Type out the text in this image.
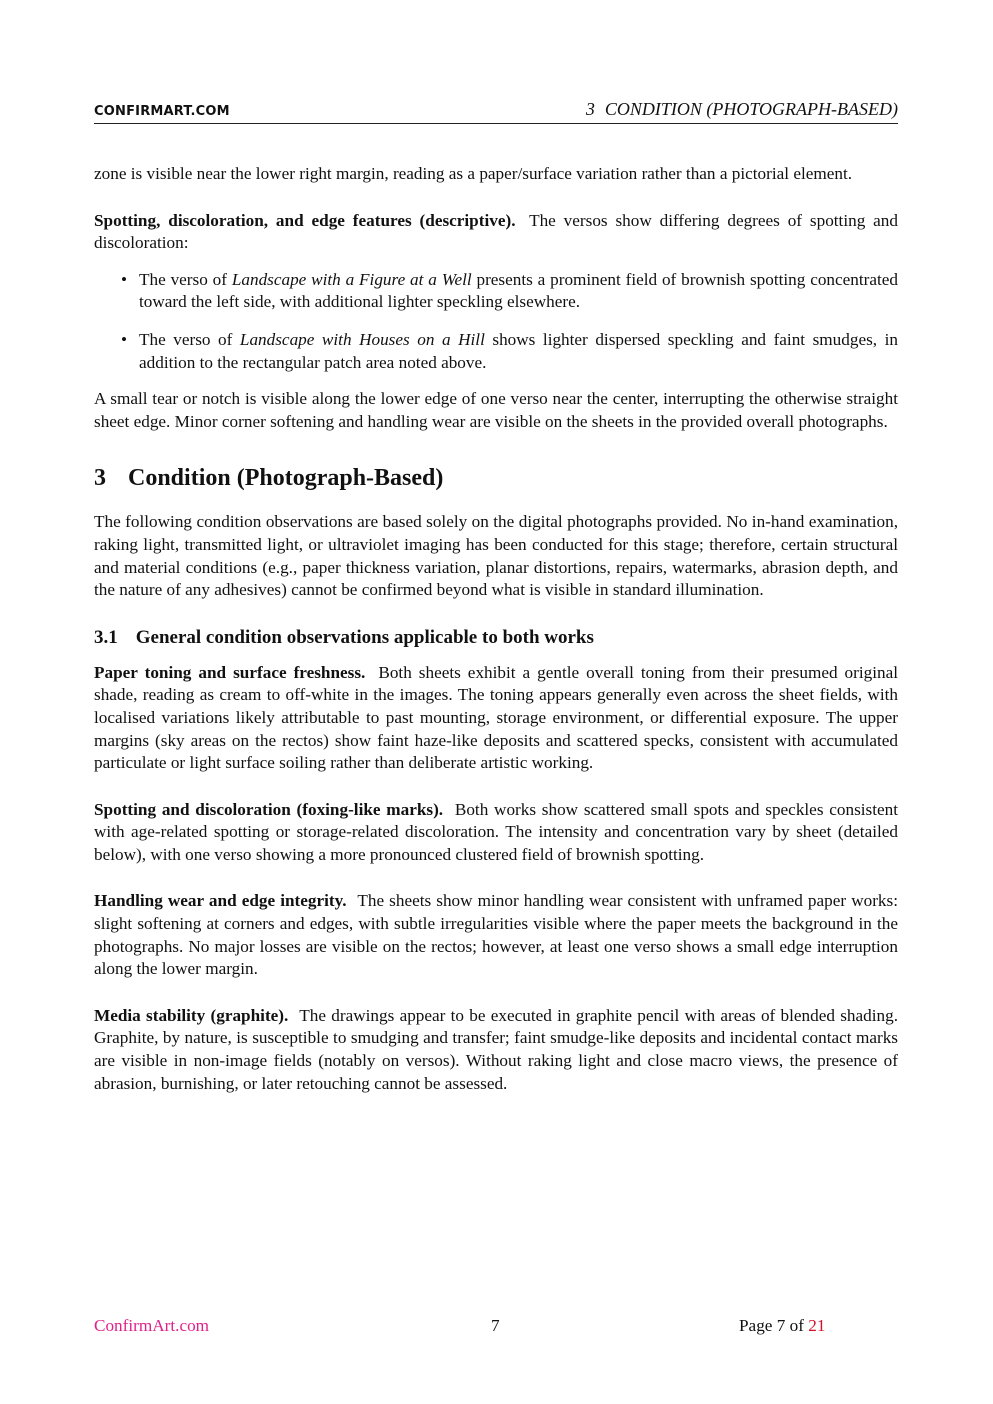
CONFIRMART.COM	3 CONDITION (PHOTOGRAPH-BASED)

zone is visible near the lower right margin, reading as a paper/surface variation rather than a pictorial element.

Spotting, discoloration, and edge features (descriptive). The versos show differing degrees of spotting and discoloration:

• The verso of Landscape with a Figure at a Well presents a prominent field of brownish spotting concentrated toward the left side, with additional lighter speckling elsewhere.
• The verso of Landscape with Houses on a Hill shows lighter dispersed speckling and faint smudges, in addition to the rectangular patch area noted above.

A small tear or notch is visible along the lower edge of one verso near the center, interrupting the otherwise straight sheet edge. Minor corner softening and handling wear are visible on the sheets in the provided overall photographs.

3 Condition (Photograph-Based)

The following condition observations are based solely on the digital photographs provided. No in-hand examination, raking light, transmitted light, or ultraviolet imaging has been conducted for this stage; therefore, certain structural and material conditions (e.g., paper thickness variation, planar distortions, repairs, watermarks, abrasion depth, and the nature of any adhesives) cannot be confirmed beyond what is visible in standard illumination.

3.1 General condition observations applicable to both works

Paper toning and surface freshness. Both sheets exhibit a gentle overall toning from their presumed original shade, reading as cream to off-white in the images. The toning appears generally even across the sheet fields, with localised variations likely attributable to past mounting, storage environment, or differential exposure. The upper margins (sky areas on the rectos) show faint haze-like deposits and scattered specks, consistent with accumulated particulate or light surface soiling rather than deliberate artistic working.

Spotting and discoloration (foxing-like marks). Both works show scattered small spots and speckles consistent with age-related spotting or storage-related discoloration. The intensity and concentration vary by sheet (detailed below), with one verso showing a more pronounced clustered field of brownish spotting.

Handling wear and edge integrity. The sheets show minor handling wear consistent with unframed paper works: slight softening at corners and edges, with subtle irregularities visible where the paper meets the background in the photographs. No major losses are visible on the rectos; however, at least one verso shows a small edge interruption along the lower margin.

Media stability (graphite). The drawings appear to be executed in graphite pencil with areas of blended shading. Graphite, by nature, is susceptible to smudging and transfer; faint smudge-like deposits and incidental contact marks are visible in non-image fields (notably on versos). Without raking light and close macro views, the presence of abrasion, burnishing, or later retouching cannot be assessed.

ConfirmArt.com	7	Page 7 of 21
